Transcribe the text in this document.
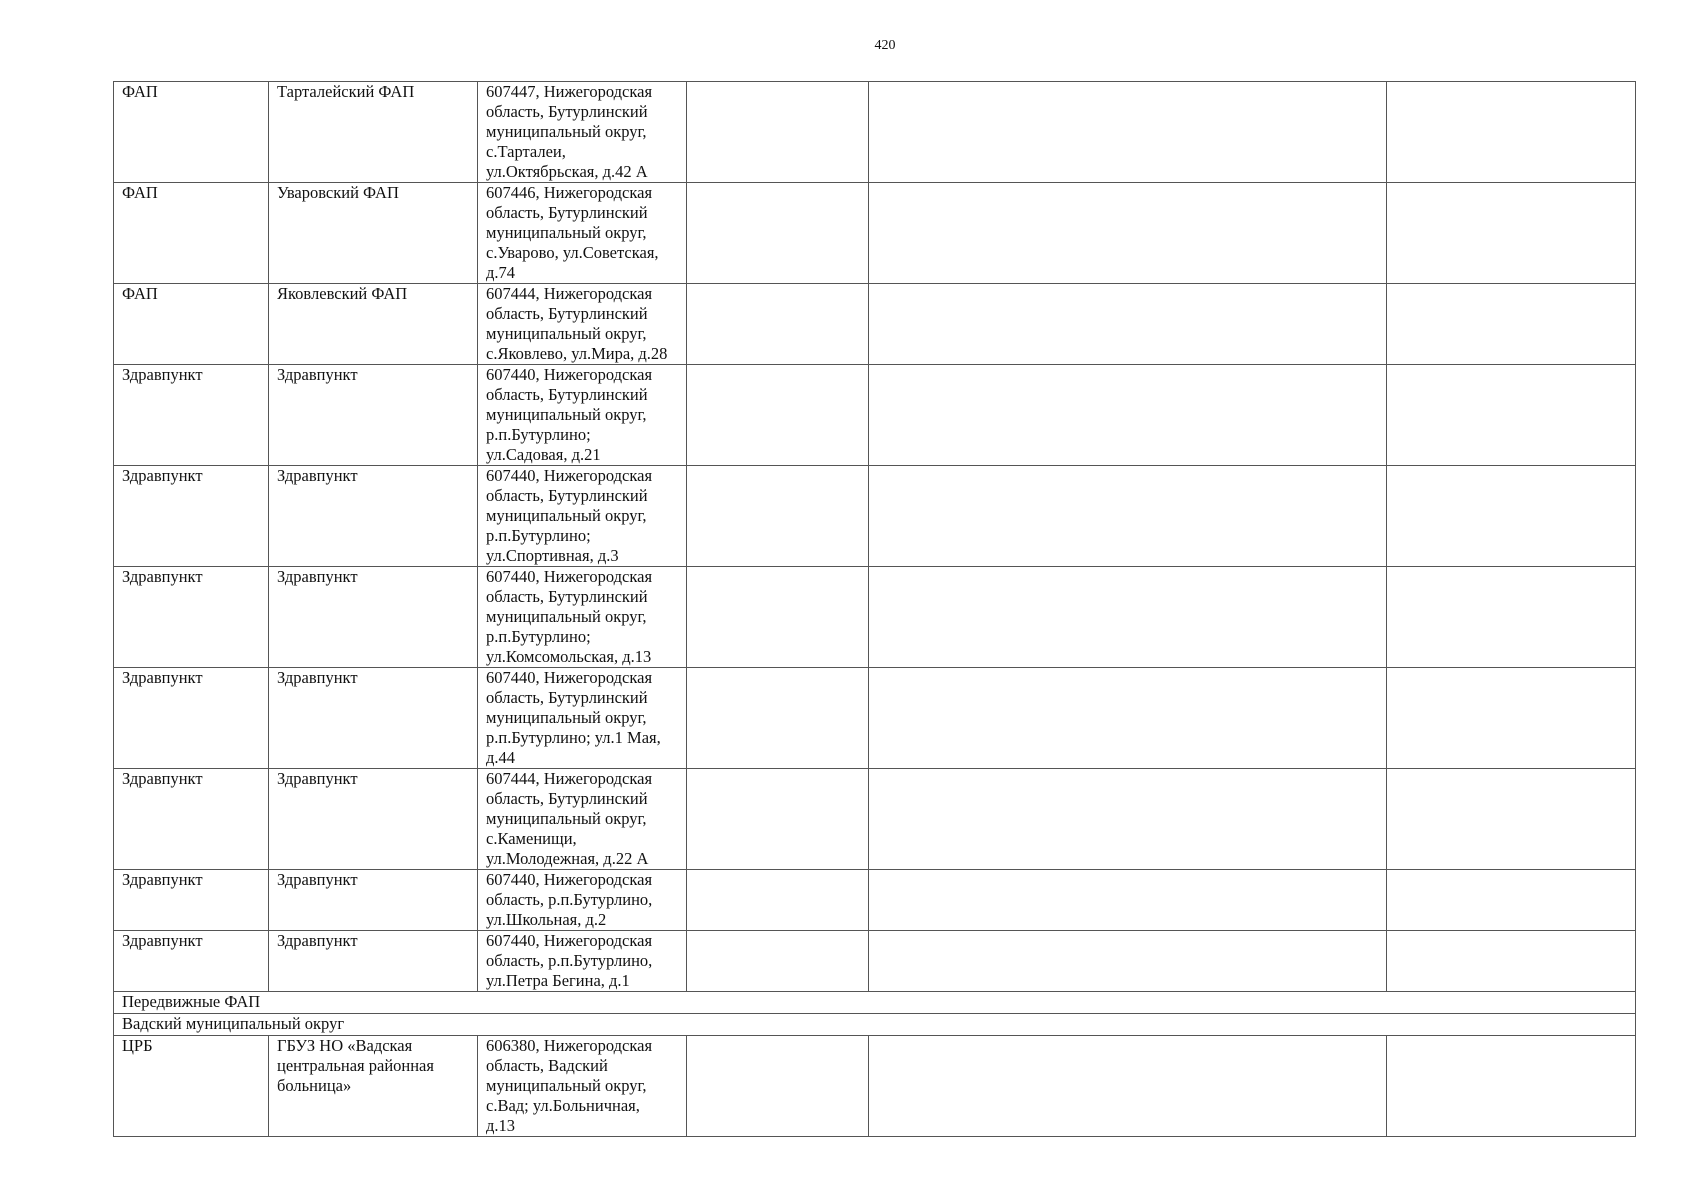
420
ФАП	Тарталейский ФАП	607447, Нижегородская
область, Бутурлинский
муниципальный округ,
с.Тарталеи,
ул.Октябрьская, д.42 А			

ФАП	Уваровский ФАП	607446, Нижегородская
область, Бутурлинский
муниципальный округ,
с.Уварово, ул.Советская,
д.74			

ФАП	Яковлевский ФАП	607444, Нижегородская
область, Бутурлинский
муниципальный округ,
с.Яковлево, ул.Мира, д.28			

Здравпункт	Здравпункт	607440, Нижегородская
область, Бутурлинский
муниципальный округ,
р.п.Бутурлино;
ул.Садовая, д.21			

Здравпункт	Здравпункт	607440, Нижегородская
область, Бутурлинский
муниципальный округ,
р.п.Бутурлино;
ул.Спортивная, д.3			

Здравпункт	Здравпункт	607440, Нижегородская
область, Бутурлинский
муниципальный округ,
р.п.Бутурлино;
ул.Комсомольская, д.13			

Здравпункт	Здравпункт	607440, Нижегородская
область, Бутурлинский
муниципальный округ,
р.п.Бутурлино; ул.1 Мая,
д.44			

Здравпункт	Здравпункт	607444, Нижегородская
область, Бутурлинский
муниципальный округ,
с.Каменищи,
ул.Молодежная, д.22 А			

Здравпункт	Здравпункт	607440, Нижегородская
область, р.п.Бутурлино,
ул.Школьная, д.2			

Здравпункт	Здравпункт	607440, Нижегородская
область, р.п.Бутурлино,
ул.Петра Бегина, д.1			

Передвижные ФАП					
Вадский муниципальный округ					
ЦРБ	ГБУЗ НО «Вадская
центральная районная
больница»	606380, Нижегородская
область, Вадский
муниципальный округ,
с.Вад; ул.Больничная,
д.13			
